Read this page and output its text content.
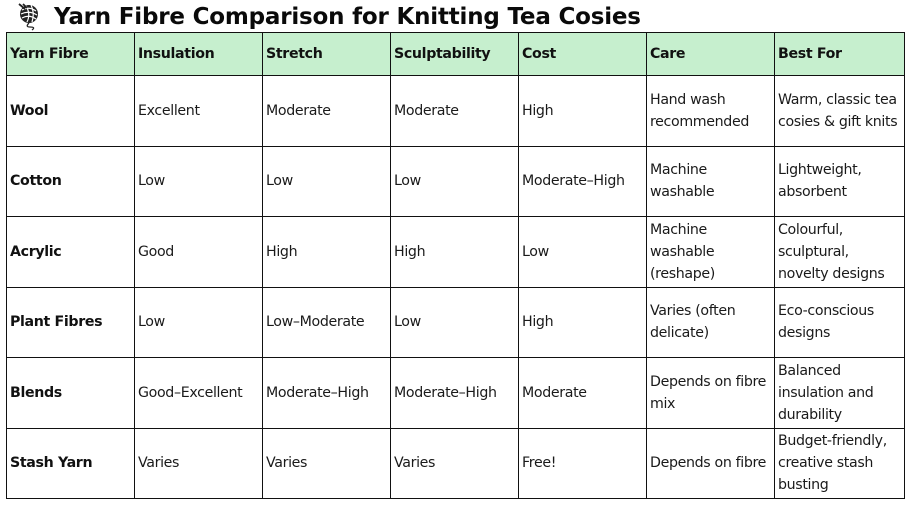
Yarn Fibre Comparison for Knitting Tea Cosies
Yarn Fibre	Insulation	Stretch	Sculptability	Cost	Care	Best For
Wool	Excellent	Moderate	Moderate	High	Hand wash recommended	Warm, classic tea cosies & gift knits
Cotton	Low	Low	Low	Moderate–High	Machine washable	Lightweight, absorbent
Acrylic	Good	High	High	Low	Machine washable (reshape)	Colourful, sculptural, novelty designs
Plant Fibres	Low	Low–Moderate	Low	High	Varies (often delicate)	Eco-conscious designs
Blends	Good–Excellent	Moderate–High	Moderate–High	Moderate	Depends on fibre mix	Balanced insulation and durability
Stash Yarn	Varies	Varies	Varies	Free!	Depends on fibre	Budget-friendly, creative stash busting
